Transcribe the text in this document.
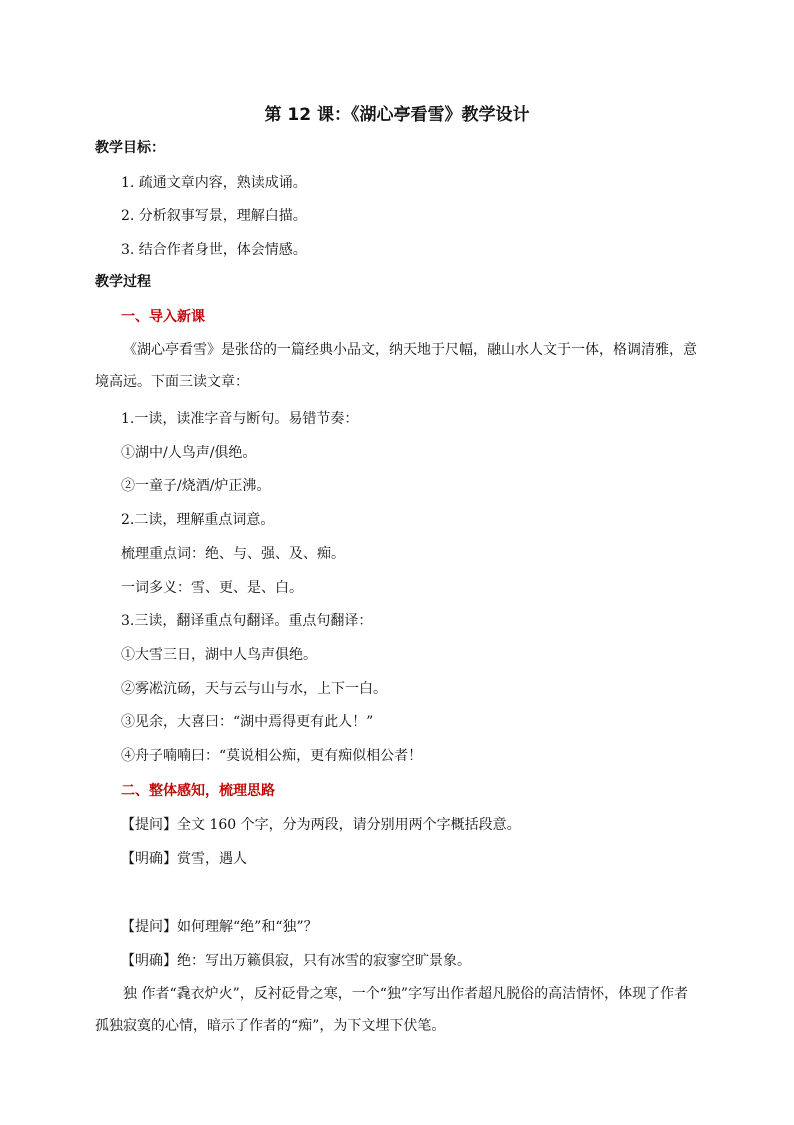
第 12 课：《湖心亭看雪》教学设计
教学目标：
1. 疏通文章内容，熟读成诵。
2. 分析叙事写景，理解白描。
3. 结合作者身世，体会情感。
教学过程
一、导入新课
《湖心亭看雪》是张岱的一篇经典小品文，纳天地于尺幅，融山水人文于一体，格调清雅，意境高远。下面三读文章：
1.一读，读准字音与断句。易错节奏：
①湖中/人鸟声/俱绝。
②一童子/烧酒/炉正沸。
2.二读，理解重点词意。
梳理重点词：绝、与、强、及、痴。
一词多义：雪、更、是、白。
3.三读，翻译重点句翻译。重点句翻译：
①大雪三日，湖中人鸟声俱绝。
②雾凇沆砀，天与云与山与水，上下一白。
③见余，大喜曰：“湖中焉得更有此人！”
④舟子喃喃曰：“莫说相公痴，更有痴似相公者！
二、整体感知，梳理思路
【提问】全文 160 个字，分为两段，请分别用两个字概括段意。
【明确】赏雪，遇人
【提问】如何理解“绝”和“独”？
【明确】绝：写出万籁俱寂，只有冰雪的寂寥空旷景象。
独 作者“毳衣炉火”，反衬砭骨之寒，一个“独”字写出作者超凡脱俗的高洁情怀，体现了作者孤独寂寞的心情，暗示了作者的“痴”，为下文埋下伏笔。
